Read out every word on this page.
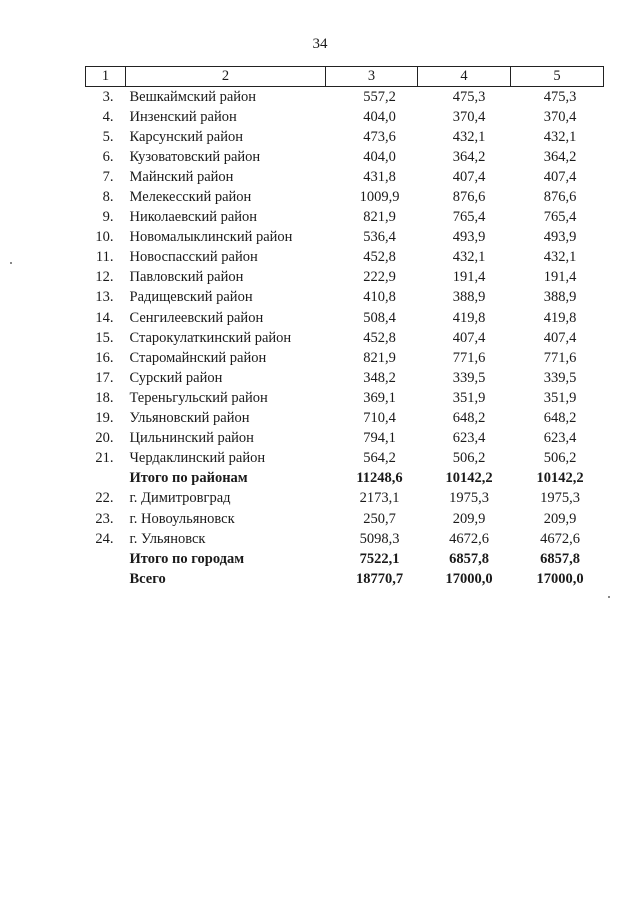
34
1	2	3	4	5
3.	Вешкаймский район	557,2	475,3	475,3
4.	Инзенский район	404,0	370,4	370,4
5.	Карсунский район	473,6	432,1	432,1
6.	Кузоватовский район	404,0	364,2	364,2
7.	Майнский район	431,8	407,4	407,4
8.	Мелекесский район	1009,9	876,6	876,6
9.	Николаевский район	821,9	765,4	765,4
10.	Новомалыклинский район	536,4	493,9	493,9
11.	Новоспасский район	452,8	432,1	432,1
12.	Павловский район	222,9	191,4	191,4
13.	Радищевский район	410,8	388,9	388,9
14.	Сенгилеевский район	508,4	419,8	419,8
15.	Старокулаткинский район	452,8	407,4	407,4
16.	Старомайнский район	821,9	771,6	771,6
17.	Сурский район	348,2	339,5	339,5
18.	Тереньгульский район	369,1	351,9	351,9
19.	Ульяновский район	710,4	648,2	648,2
20.	Цильнинский район	794,1	623,4	623,4
21.	Чердаклинский район	564,2	506,2	506,2
	Итого по районам	11248,6	10142,2	10142,2
22.	г. Димитровград	2173,1	1975,3	1975,3
23.	г. Новоульяновск	250,7	209,9	209,9
24.	г. Ульяновск	5098,3	4672,6	4672,6
	Итого по городам	7522,1	6857,8	6857,8
	Всего	18770,7	17000,0	17000,0
